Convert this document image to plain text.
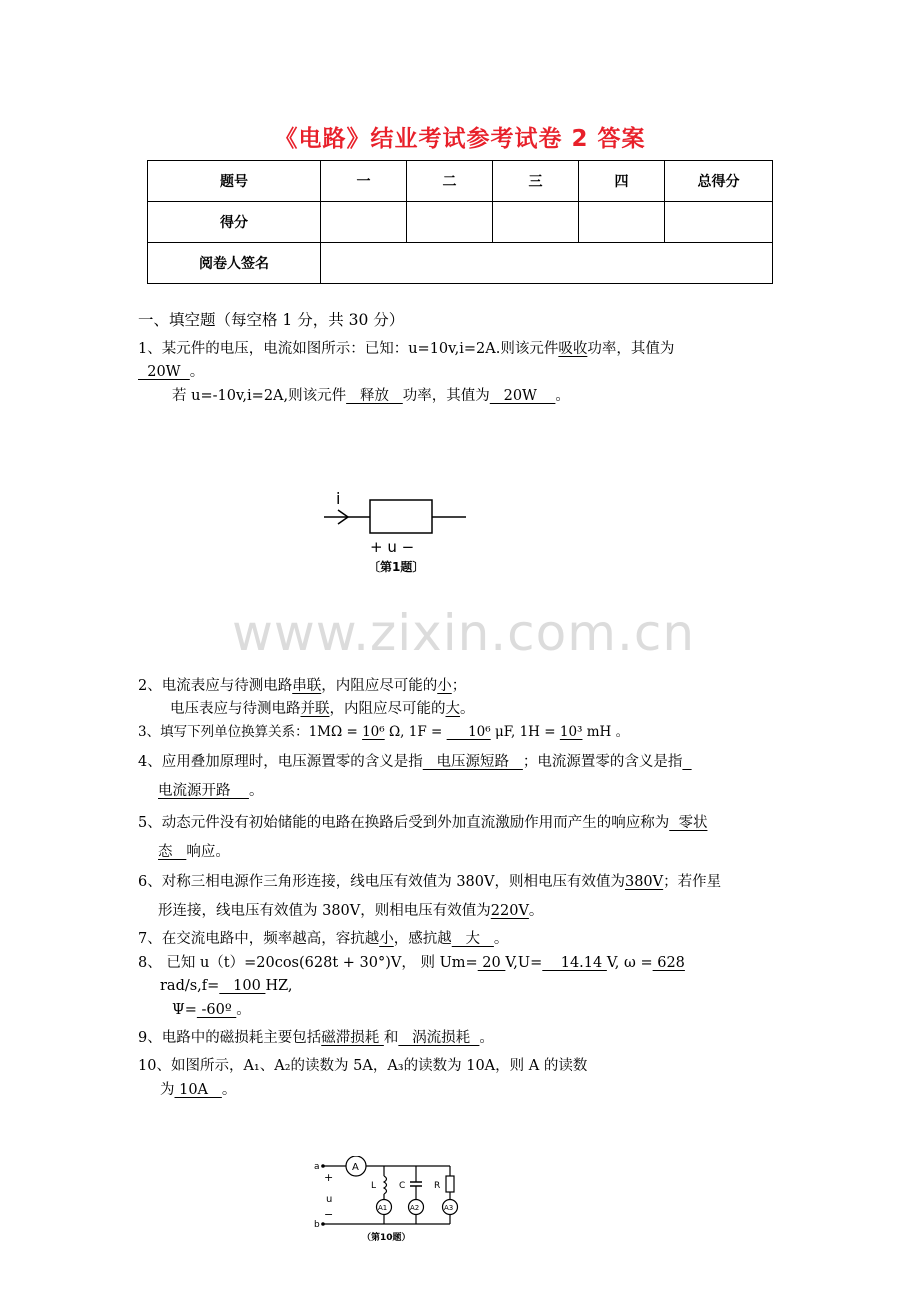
《电路》结业考试参考试卷 2 答案
题号	一	二	三	四	总得分
得分					
阅卷人签名					
一、填空题（每空格 1 分，共 30 分）
1、某元件的电压，电流如图所示：已知：u=10v,i=2A.则该元件吸收功率，其值为
20W  。
若 u=-10v,i=2A,则该元件   释放   功率，其值为   20W    。
i
+ u −
〔第1题〕
www.zixin.com.cn
2、电流表应与待测电路串联，内阻应尽可能的小；
电压表应与待测电路并联，内阻应尽可能的大。
3、填写下列单位换算关系：1MΩ = 10⁶ Ω, 1F =      10⁶ μF, 1H = 10³ mH 。
4、应用叠加原理时，电压源置零的含义是指   电压源短路   ；电流源置零的含义是指
电流源开路    。
5、动态元件没有初始储能的电路在换路后受到外加直流激励作用而产生的响应称为  零状
态   响应。
6、对称三相电源作三角形连接，线电压有效值为 380V，则相电压有效值为380V；若作星
形连接，线电压有效值为 380V，则相电压有效值为220V。
7、在交流电路中，频率越高，容抗越小，感抗越   大   。
8、 已知 u（t）=20cos(628t + 30°)V， 则 Um= 20 V,U=    14.14 V, ω = 628
rad/s,f=   100 HZ,
Ψ= -60º 。
9、电路中的磁损耗主要包括磁滞损耗 和   涡流损耗  。
10、如图所示，A₁、A₂的读数为 5A，A₃的读数为 10A，则 A 的读数
为 10A   。
a
b
+
−
u
A
A1
L
A2
C
A3
R
（第10题）
